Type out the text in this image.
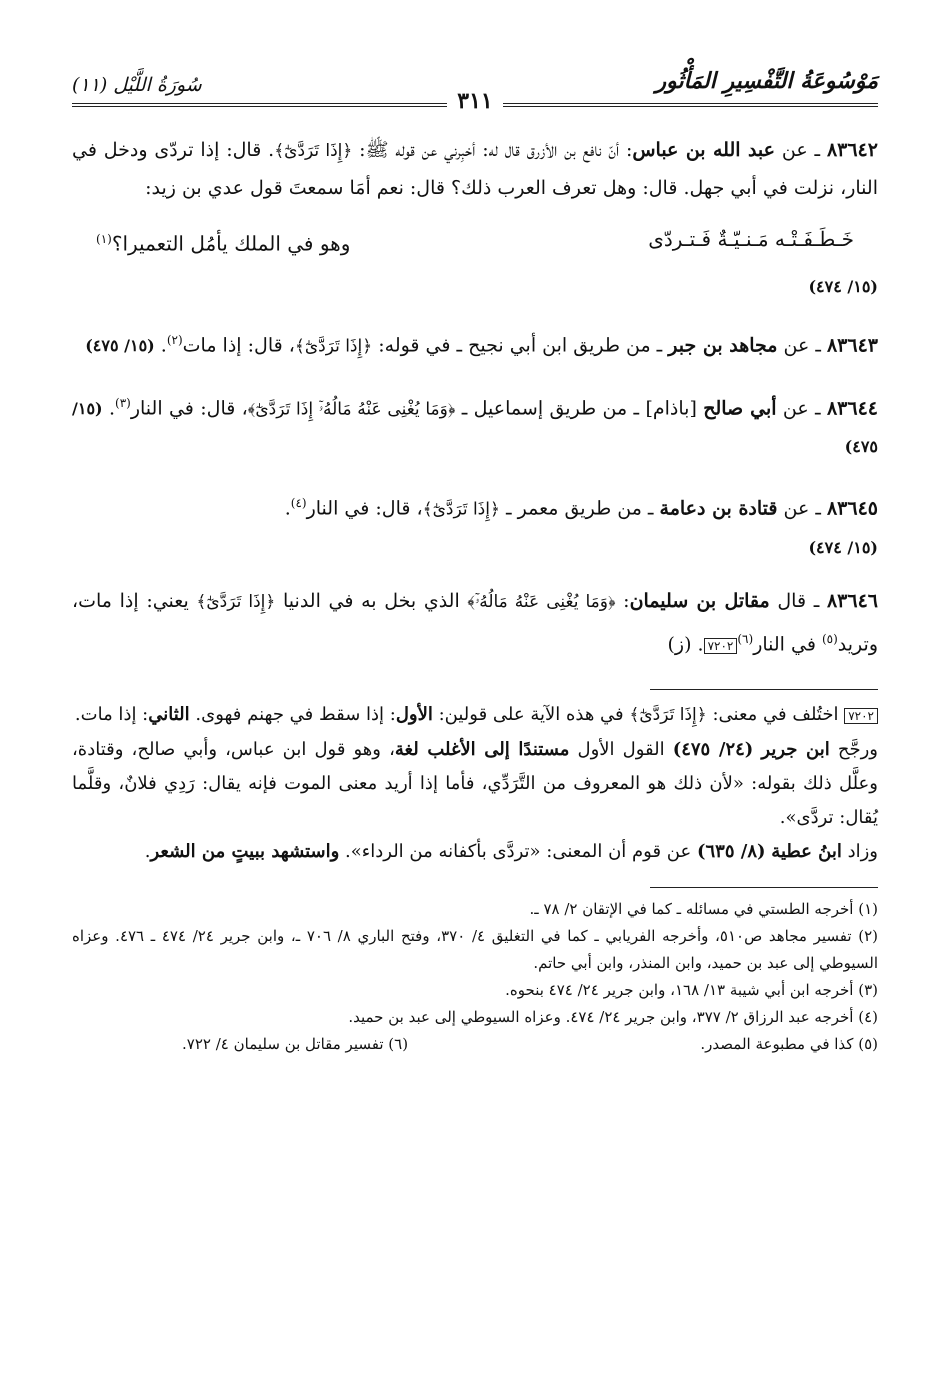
مَوْسُوعَةُ التَّفْسِيرِ المَأْثُور
سُورَةُ اللَّيْل (١١)
٣١١

٨٣٦٤٢ ـ عن عبد الله بن عباس: أنّ نافع بن الأزرق قال له: أخبِرني عن قوله ﷺ: ﴿إِذَا تَرَدَّىٰٓ﴾. قال: إذا تردّى ودخل في النار، نزلت في أبي جهل. قال: وهل تعرف العرب ذلك؟ قال: نعم أمَا سمعتَ قول عدي بن زيد:

خَـطَـفَـتْـه مَـنـيّـةٌ فَـتـردّى
وهو في الملك يأمُل التعميرا؟$^{(١)}$

(١٥/ ٤٧٤)

٨٣٦٤٣ ـ عن مجاهد بن جبر ـ من طريق ابن أبي نجيح ـ في قوله: ﴿إِذَا تَرَدَّىٰٓ﴾، قال: إذا مات$^{(٢)}$. (١٥/ ٤٧٥)

٨٣٦٤٤ ـ عن أبي صالح [باذام] ـ من طريق إسماعيل ـ ﴿وَمَا يُغْنِى عَنْهُ مَالُهُۥٓ إِذَا تَرَدَّىٰٓ﴾، قال: في النار$^{(٣)}$. (١٥/ ٤٧٥)

٨٣٦٤٥ ـ عن قتادة بن دعامة ـ من طريق معمر ـ ﴿إِذَا تَرَدَّىٰٓ﴾، قال: في النار$^{(٤)}$.

(١٥/ ٤٧٤)

٨٣٦٤٦ ـ قال مقاتل بن سليمان: ﴿وَمَا يُغْنِى عَنْهُ مَالُهُۥٓ﴾ الذي بخل به في الدنيا ﴿إِذَا تَرَدَّىٰٓ﴾ يعني: إذا مات، وتريد$^{(٥)}$ في النار$^{(٦)}$٧٢٠٢. (ز)

٧٢٠٢ اختُلف في معنى: ﴿إِذَا تَرَدَّىٰٓ﴾ في هذه الآية على قولين: الأول: إذا سقط في جهنم فهوى. الثاني: إذا مات.

ورجَّح ابن جرير (٢٤/ ٤٧٥) القول الأول مستندًا إلى الأغلب لغة، وهو قول ابن عباس، وأبي صالح، وقتادة، وعلَّل ذلك بقوله: «لأن ذلك هو المعروف من التَّرَدِّي، فأما إذا أريد معنى الموت فإنه يقال: رَدِي فلانٌ، وقلَّما يُقال: تردَّى».

وزاد ابنُ عطية (٨/ ٦٣٥) عن قوم أن المعنى: «تردَّى بأكفانه من الرداء». واستشهد ببيتٍ من الشعر.

(١) أخرجه الطستي في مسائله ـ كما في الإتقان ٢/ ٧٨ ـ.

(٢) تفسير مجاهد ص٥١٠، وأخرجه الفريابي ـ كما في التغليق ٤/ ٣٧٠، وفتح الباري ٨/ ٧٠٦ ـ، وابن جرير ٢٤/ ٤٧٤ ـ ٤٧٦. وعزاه السيوطي إلى عبد بن حميد، وابن المنذر، وابن أبي حاتم.

(٣) أخرجه ابن أبي شيبة ١٣/ ١٦٨، وابن جرير ٢٤/ ٤٧٤ بنحوه.

(٤) أخرجه عبد الرزاق ٢/ ٣٧٧، وابن جرير ٢٤/ ٤٧٤. وعزاه السيوطي إلى عبد بن حميد.

(٥) كذا في مطبوعة المصدر.
(٦) تفسير مقاتل بن سليمان ٤/ ٧٢٢.
